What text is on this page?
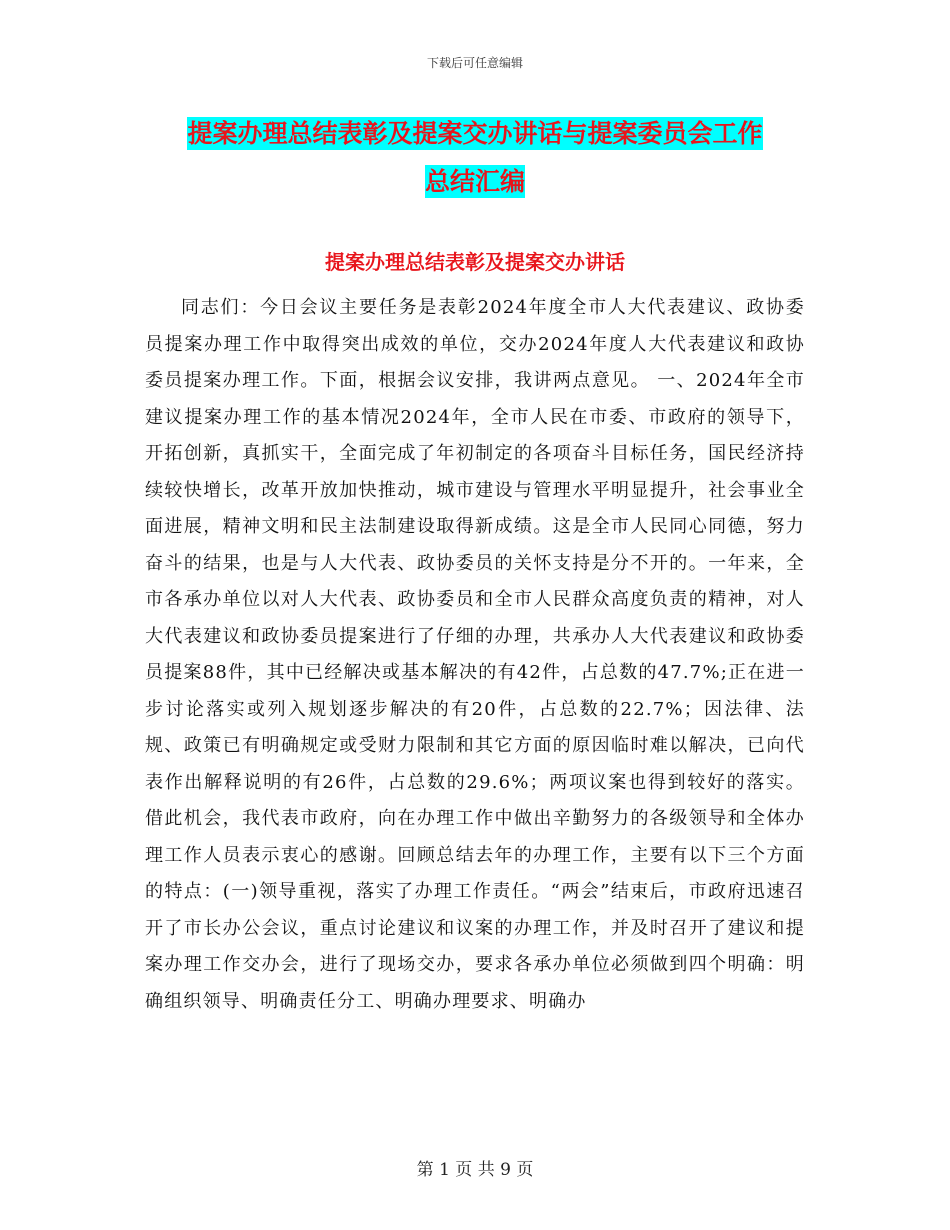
下载后可任意编辑
提案办理总结表彰及提案交办讲话与提案委员会工作
总结汇编
提案办理总结表彰及提案交办讲话

同志们：今日会议主要任务是表彰2024年度全市人大代表建议、政协委员提案办理工作中取得突出成效的单位，交办2024年度人大代表建议和政协委员提案办理工作。下面，根据会议安排，我讲两点意见。 一、2024年全市建议提案办理工作的基本情况2024年，全市人民在市委、市政府的领导下，开拓创新，真抓实干，全面完成了年初制定的各项奋斗目标任务，国民经济持续较快增长，改革开放加快推动，城市建设与管理水平明显提升，社会事业全面进展，精神文明和民主法制建设取得新成绩。这是全市人民同心同德，努力奋斗的结果，也是与人大代表、政协委员的关怀支持是分不开的。一年来，全市各承办单位以对人大代表、政协委员和全市人民群众高度负责的精神，对人大代表建议和政协委员提案进行了仔细的办理，共承办人大代表建议和政协委员提案88件，其中已经解决或基本解决的有42件，占总数的47.7%;正在进一步讨论落实或列入规划逐步解决的有20件，占总数的22.7%；因法律、法规、政策已有明确规定或受财力限制和其它方面的原因临时难以解决，已向代表作出解释说明的有26件，占总数的29.6%；两项议案也得到较好的落实。借此机会，我代表市政府，向在办理工作中做出辛勤努力的各级领导和全体办理工作人员表示衷心的感谢。回顾总结去年的办理工作，主要有以下三个方面的特点：(一)领导重视，落实了办理工作责任。“两会”结束后，市政府迅速召开了市长办公会议，重点讨论建议和议案的办理工作，并及时召开了建议和提案办理工作交办会，进行了现场交办，要求各承办单位必须做到四个明确：明确组织领导、明确责任分工、明确办理要求、明确办

第 1 页 共 9 页
